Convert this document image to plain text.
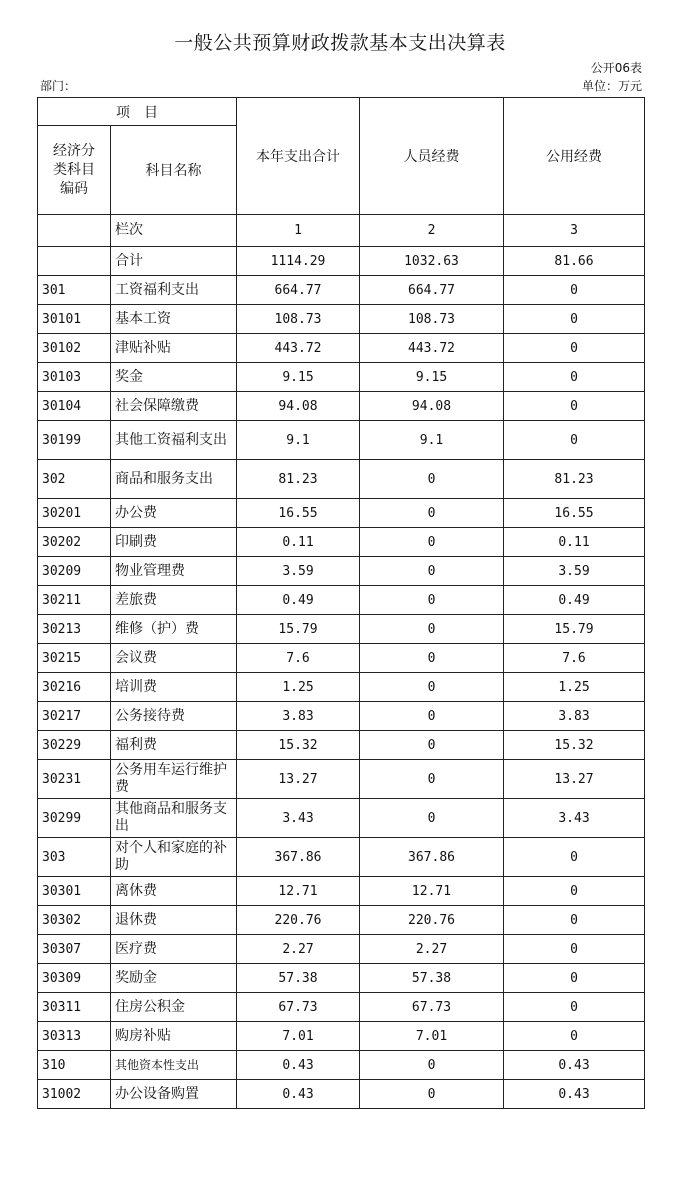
一般公共预算财政拨款基本支出决算表
公开06表
部门：	单位：万元
项　目		本年支出合计	人员经费	公用经费
经济分类科目编码	科目名称			
	栏次	1	2	3
	合计	1114.29	1032.63	81.66
301	工资福利支出	664.77	664.77	0
30101	基本工资	108.73	108.73	0
30102	津贴补贴	443.72	443.72	0
30103	奖金	9.15	9.15	0
30104	社会保障缴费	94.08	94.08	0
30199	其他工资福利支出	9.1	9.1	0
302	商品和服务支出	81.23	0	81.23
30201	办公费	16.55	0	16.55
30202	印刷费	0.11	0	0.11
30209	物业管理费	3.59	0	3.59
30211	差旅费	0.49	0	0.49
30213	维修（护）费	15.79	0	15.79
30215	会议费	7.6	0	7.6
30216	培训费	1.25	0	1.25
30217	公务接待费	3.83	0	3.83
30229	福利费	15.32	0	15.32
30231	公务用车运行维护费	13.27	0	13.27
30299	其他商品和服务支出	3.43	0	3.43
303	对个人和家庭的补助	367.86	367.86	0
30301	离休费	12.71	12.71	0
30302	退休费	220.76	220.76	0
30307	医疗费	2.27	2.27	0
30309	奖励金	57.38	57.38	0
30311	住房公积金	67.73	67.73	0
30313	购房补贴	7.01	7.01	0
310	其他资本性支出	0.43	0	0.43
31002	办公设备购置	0.43	0	0.43
